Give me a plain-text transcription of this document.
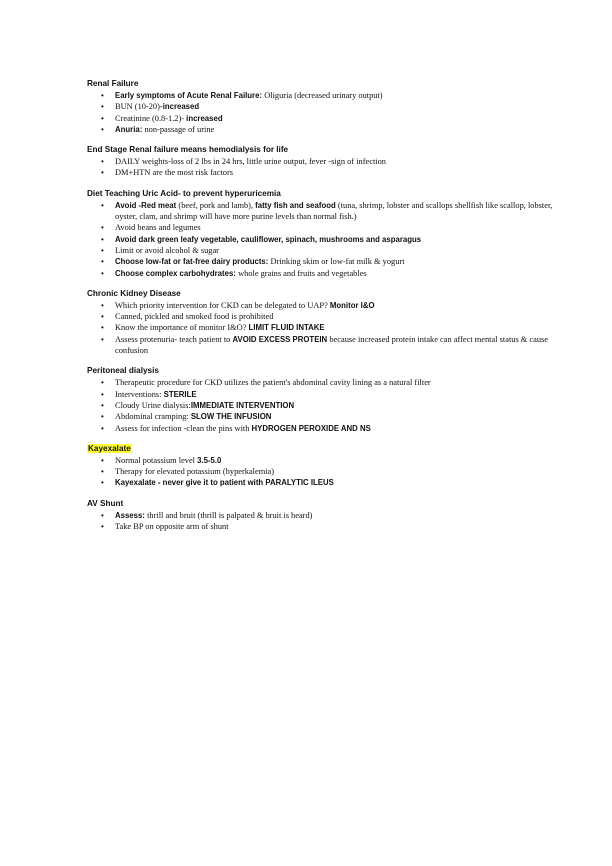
Renal Failure
• Early symptoms of Acute Renal Failure: Oliguria (decreased urinary output)
• BUN (10-20)-increased
• Creatinine (0.8-1.2)- increased
• Anuria: non-passage of urine
End Stage Renal failure means hemodialysis for life
• DAILY weights-loss of 2 lbs in 24 hrs, little urine output, fever -sign of infection
• DM+HTN are the most risk factors
Diet Teaching Uric Acid- to prevent hyperuricemia
• Avoid -Red meat (beef, pork and lamb), fatty fish and seafood (tuna, shrimp, lobster and scallops shellfish like scallop, lobster, oyster, clam, and shrimp will have more purine levels than normal fish.)
• Avoid beans and legumes
• Avoid dark green leafy vegetable, cauliflower, spinach, mushrooms and asparagus
• Limit or avoid alcohol & sugar
• Choose low-fat or fat-free dairy products: Drinking skim or low-fat milk & yogurt
• Choose complex carbohydrates: whole grains and fruits and vegetables
Chronic Kidney Disease
• Which priority intervention for CKD can be delegated to UAP? Monitor I&O
• Canned, pickled and smoked food is prohibited
• Know the importance of monitor I&O? LIMIT FLUID INTAKE
• Assess protenuria- teach patient to AVOID EXCESS PROTEIN because increased protein intake can affect mental status & cause confusion
Peritoneal dialysis
• Therapeutic procedure for CKD utilizes the patient's abdominal cavity lining as a natural filter
• Interventions: STERILE
• Cloudy Urine dialysis:IMMEDIATE INTERVENTION
• Abdominal cramping: SLOW THE INFUSION
• Assess for infection -clean the pins with HYDROGEN PEROXIDE AND NS
Kayexalate
• Normal potassium level 3.5-5.0
• Therapy for elevated potassium (hyperkalemia)
• Kayexalate - never give it to patient with PARALYTIC ILEUS
AV Shunt
• Assess: thrill and bruit (thrill is palpated & bruit is heard)
• Take BP on opposite arm of shunt
